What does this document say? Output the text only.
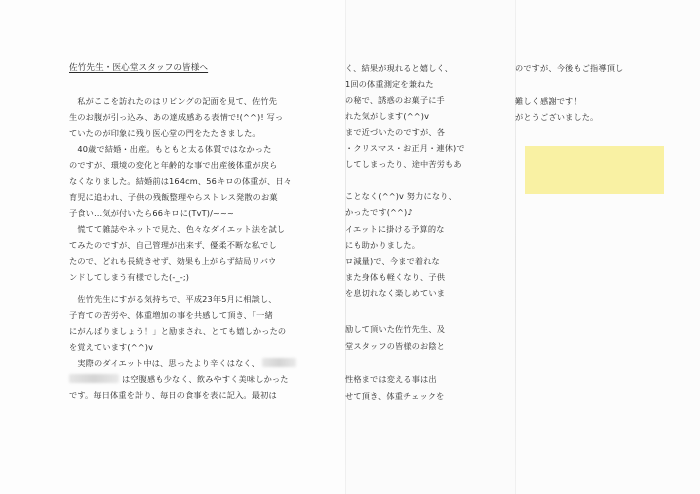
佐竹先生・医心堂スタッフの皆様へ
　私がここを訪れたのはリビングの記面を見て、佐竹先
生のお腹が引っ込み、あの達成感ある表情で!(^^)! 写っ
ていたのが印象に残り医心堂の門をたたきました。
　40歳で結婚・出産。もともと太る体質ではなかった
のですが、環境の変化と年齢的な事で出産後体重が戻ら
なくなりました。結婚前は164cm、56キロの体重が、日々
育児に追われ、子供の残飯整理やらストレス発散のお菓
子食い…気が付いたら66キロに(TvT)/~~~
　慌てて雑誌やネットで見た、色々なダイエット法を試し
てみたのですが、自己管理が出来ず、優柔不断な私でし
たので、どれも長続きせず、効果も上がらず結局リバウ
ンドしてしまう有様でした(-_-;)
　佐竹先生にすがる気持ちで、平成23年5月に相談し、
子育ての苦労や、体重増加の事を共感して頂き、「一緒
にがんばりましょう！」と励まされ、とても嬉しかったの
を覚えています(^^)v
　実際のダイエット中は、思ったより辛くはなく、
は空腹感も少なく、飲みやすく美味しかった
です。毎日体重を計り、毎日の食事を表に記入。最初は
く、結果が現れると嬉しく、
1回の体重測定を兼ねた
の秘で、誘惑のお菓子に手
れた気がします(^^)v
まで近づいたのですが、各
・クリスマス・お正月・連休)で
してしまったり、途中苦労もあ
ことなく(^^)v 努力になり、
かったです(^^)♪
イエットに掛ける予算的な
にも助かりました。
ロ減量)で、今まで着れな
また身体も軽くなり、子供
を息切れなく楽しめていま
励して頂いた佐竹先生、及
堂スタッフの皆様のお陰と
性格までは変える事は出
せて頂き、体重チェックを
のですが、今後もご指導頂し
難しく感謝です！
がとうございました。
